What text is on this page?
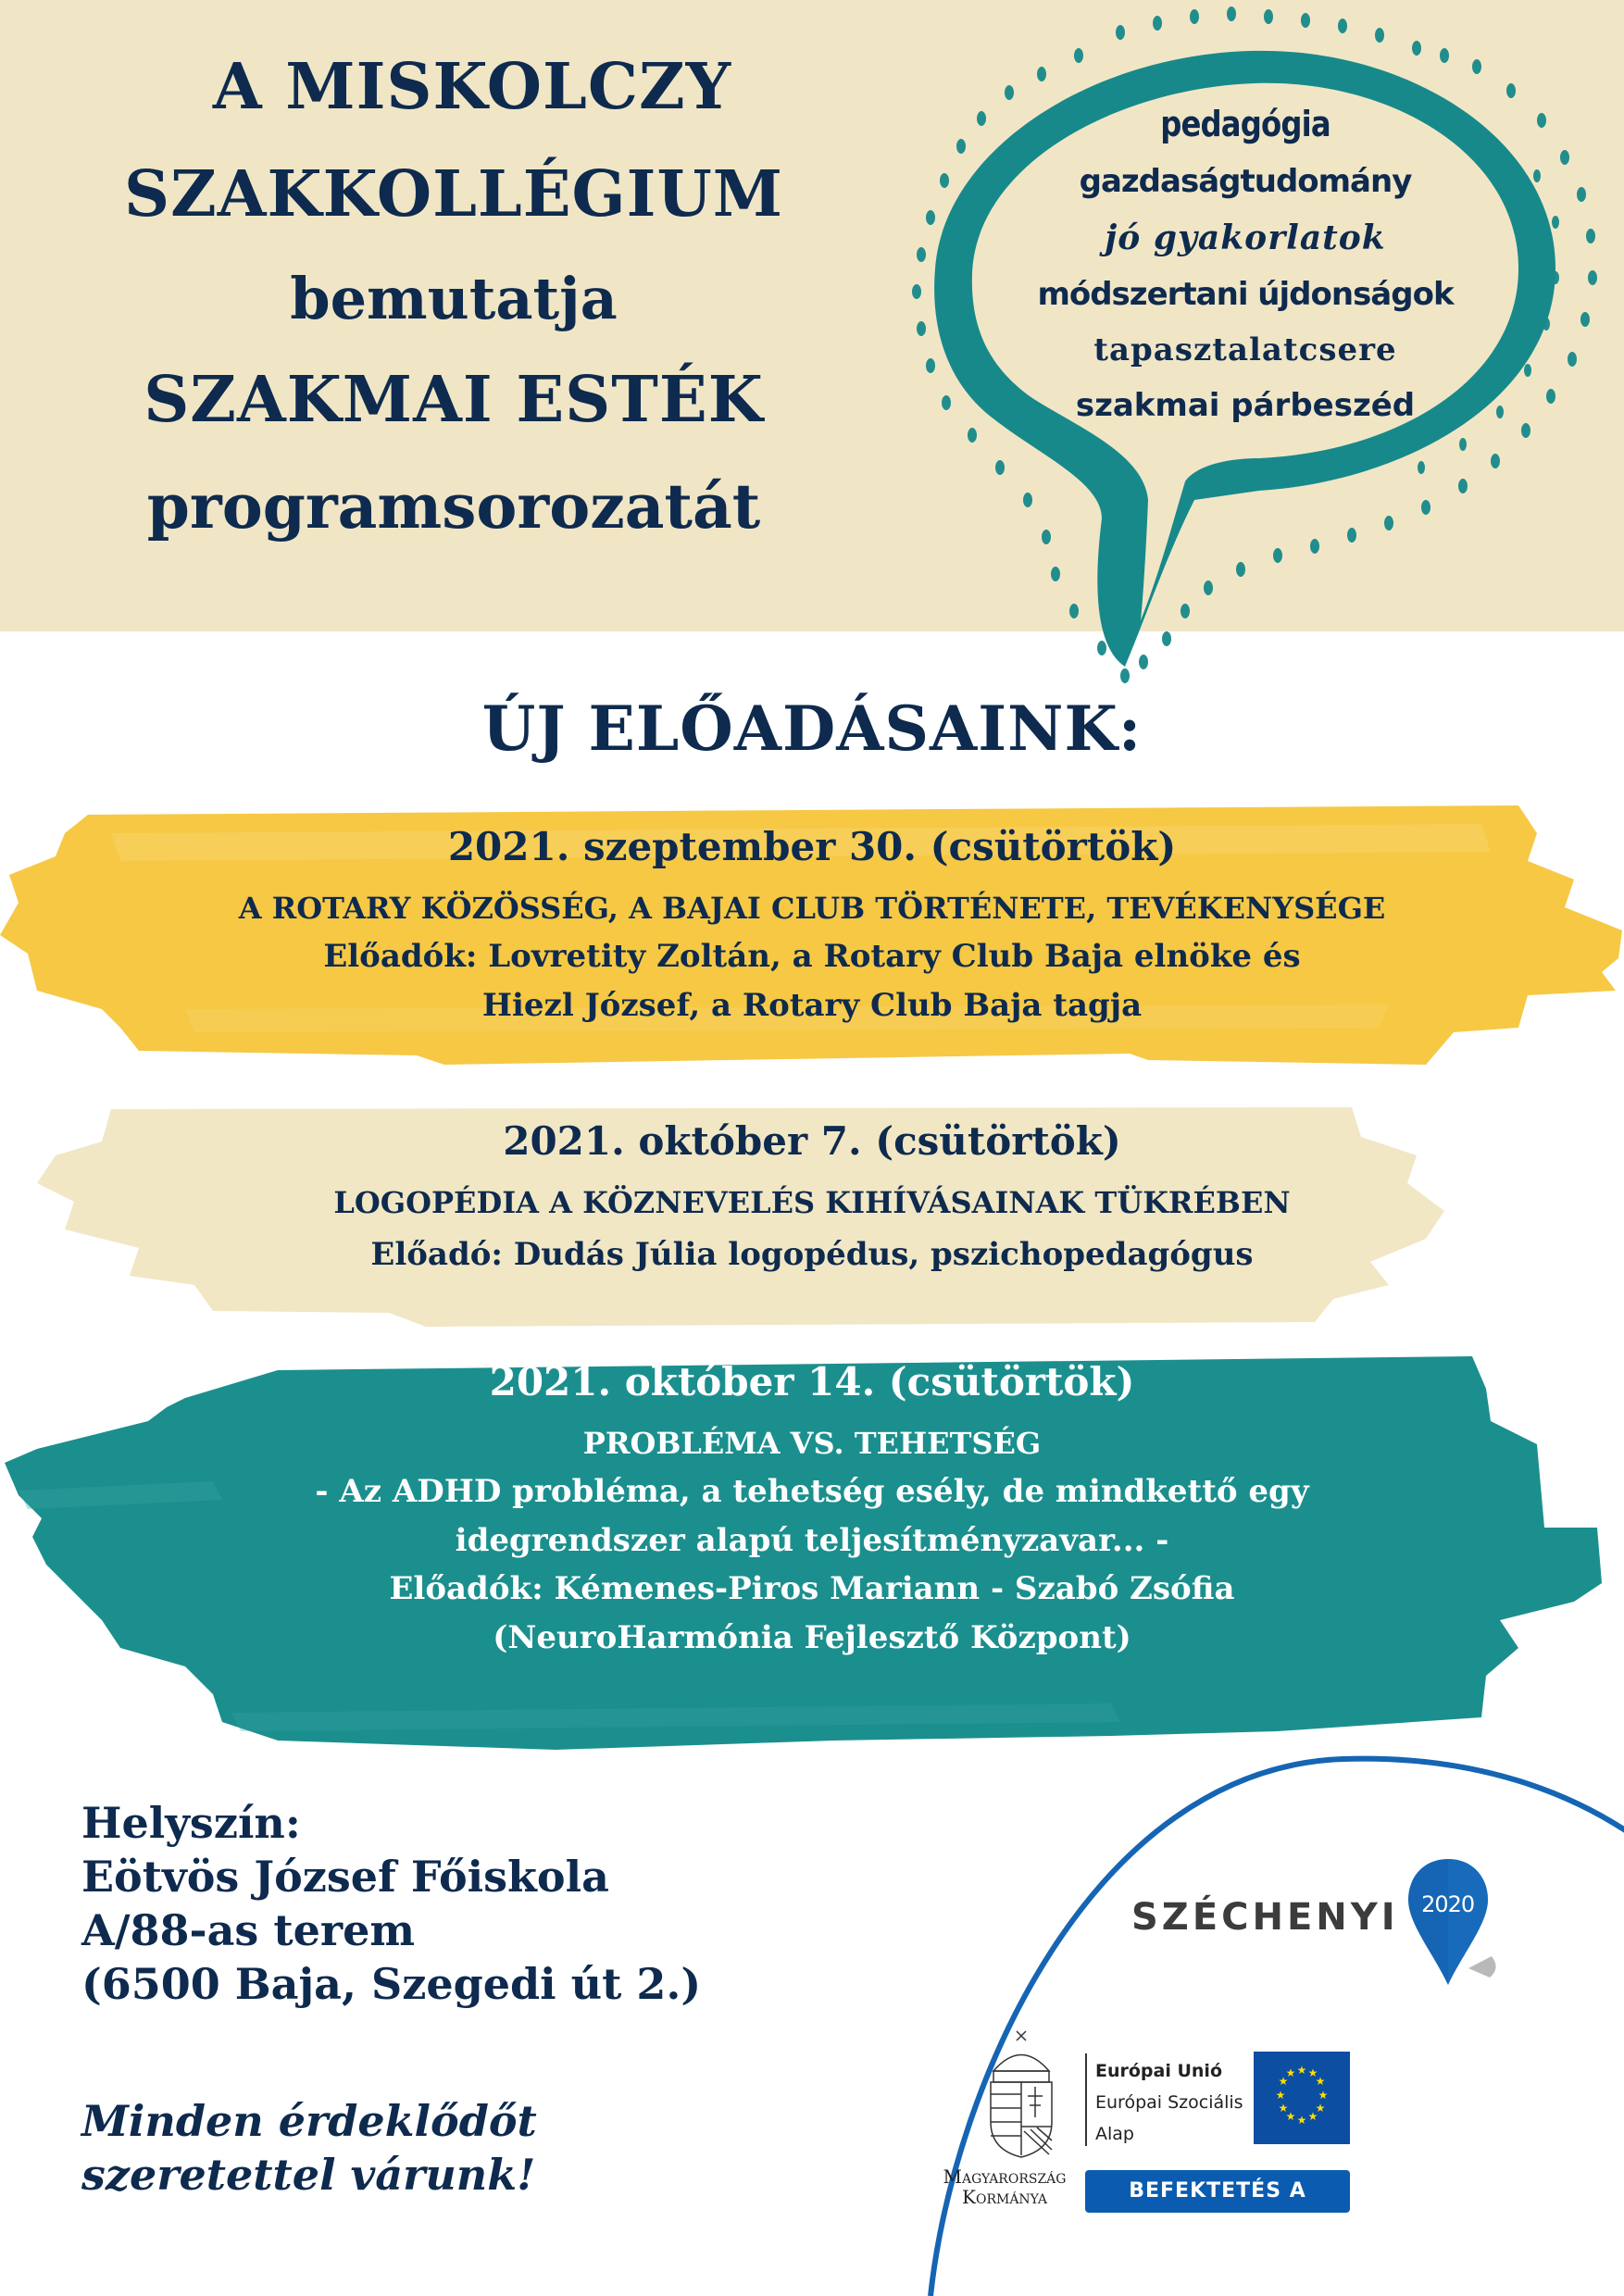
A MISKOLCZY
SZAKKOLLÉGIUM
bemutatja
SZAKMAI ESTÉK
programsorozatát
pedagógia
gazdaságtudomány
jó gyakorlatok
módszertani újdonságok
tapasztalatcsere
szakmai párbeszéd
ÚJ ELŐADÁSAINK:
2021. szeptember 30. (csütörtök)
A ROTARY KÖZÖSSÉG, A BAJAI CLUB TÖRTÉNETE, TEVÉKENYSÉGE
Előadók: Lovretity Zoltán, a Rotary Club Baja elnöke és
Hiezl József, a Rotary Club Baja tagja
2021. október 7. (csütörtök)
LOGOPÉDIA A KÖZNEVELÉS KIHÍVÁSAINAK TÜKRÉBEN
Előadó: Dudás Júlia logopédus, pszichopedagógus
2021. október 14. (csütörtök)
PROBLÉMA VS. TEHETSÉG
- Az ADHD probléma, a tehetség esély, de mindkettő egy
idegrendszer alapú teljesítményzavar... -
Előadók: Kémenes-Piros Mariann - Szabó Zsófia
(NeuroHarmónia Fejlesztő Központ)
Helyszín:
Eötvös József Főiskola
A/88-as terem
(6500 Baja, Szegedi út 2.)
Minden érdeklődőt
szeretettel várunk!
SZÉCHENYI	2020
Magyarország
Kormánya
Európai Unió
Európai Szociális
Alap
★ ★
★
★
★
★
★
★
★
★
★
★
BEFEKTETÉS A JÖVŐBE
